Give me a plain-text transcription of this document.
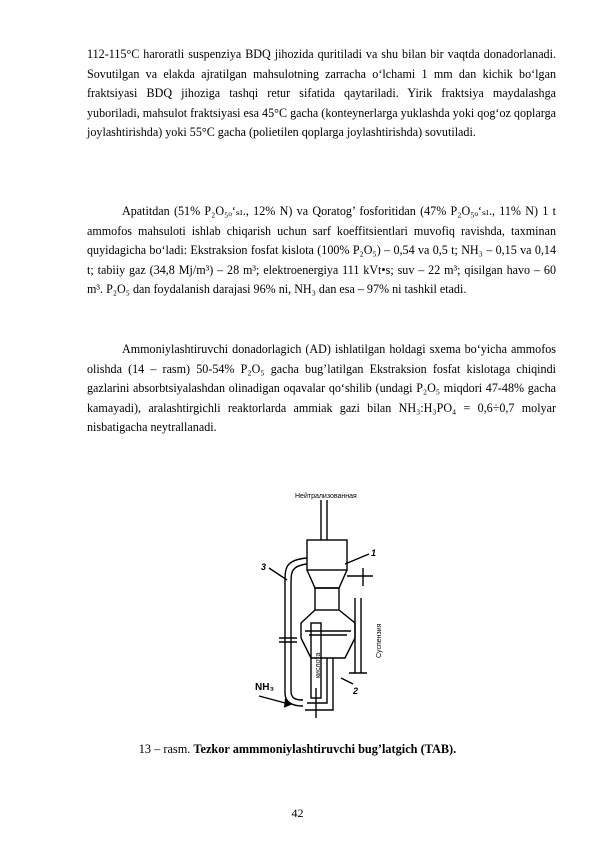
112-115°C haroratli suspenziya BDQ jihozida quritiladi va shu bilan bir vaqtda donadorlanadi. Sovutilgan va elakda ajratilgan mahsulotning zarracha o‘lchami 1 mm dan kichik bo‘lgan fraktsiyasi BDQ jihoziga tashqi retur sifatida qaytariladi. Yirik fraktsiya maydalashga yuboriladi, mahsulot fraktsiyasi esa 45°C gacha (konteynerlarga yuklashda yoki qog‘oz qoplarga joylashtirishda) yoki 55°C gacha (polietilen qoplarga joylashtirishda) sovutiladi.

Apatitdan (51% P₂O₅ₒ‘ₛₗ., 12% N) va Qoratog’ fosforitidan (47% P₂O₅ₒ‘ₛₗ., 11% N) 1 t ammofos mahsuloti ishlab chiqarish uchun sarf koeffitsientlari muvofiq ravishda, taxminan quyidagicha bo‘ladi: Ekstraksion fosfat kislota (100% P₂O₅) – 0,54 va 0,5 t; NH₃ – 0,15 va 0,14 t; tabiiy gaz (34,8 Mj/m³) – 28 m³; elektroenergiya 111 kVt•s; suv – 22 m³; qisilgan havo – 60 m³. P₂O₅ dan foydalanish darajasi 96% ni, NH₃ dan esa – 97% ni tashkil etadi.

Ammoniylashtiruvchi donadorlagich (AD) ishlatilgan holdagi sxema bo‘yicha ammofos olishda (14 – rasm) 50-54% P₂O₅ gacha bug’latilgan Ekstraksion fosfat kislotaga chiqindi gazlarini absorbtsiyalashdan olinadigan oqavalar qo‘shilib (undagi P₂O₅ miqdori 47-48% gacha kamayadi), aralashtirgichli reaktorlarda ammiak gazi bilan NH₃:H₃PO₄ = 0,6÷0,7 molyar nisbatigacha neytrallanadi.

Нейтрализованная
кислота
Суспензия
NH₃
1
2
3
13 – rasm. Tezkor ammmoniylashtiruvchi bug’latgich (TAB).
42
